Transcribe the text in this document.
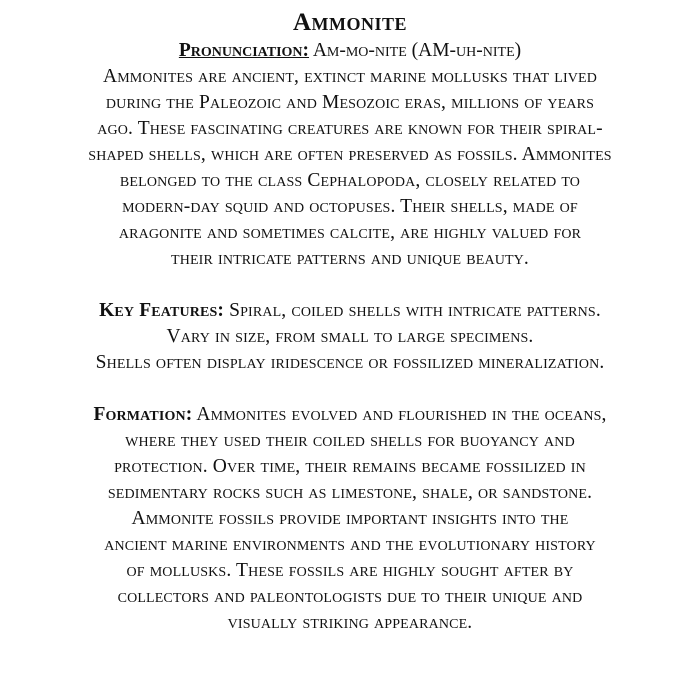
Ammonite

Pronunciation: Am-mo-nite (AM-uh-nite)

Ammonites are ancient, extinct marine mollusks that lived
during the Paleozoic and Mesozoic eras, millions of years
ago. These fascinating creatures are known for their spiral-
shaped shells, which are often preserved as fossils. Ammonites
belonged to the class Cephalopoda, closely related to
modern-day squid and octopuses. Their shells, made of
aragonite and sometimes calcite, are highly valued for
their intricate patterns and unique beauty.
Key Features: Spiral, coiled shells with intricate patterns.
Vary in size, from small to large specimens.
Shells often display iridescence or fossilized mineralization.
Formation: Ammonites evolved and flourished in the oceans,
where they used their coiled shells for buoyancy and
protection. Over time, their remains became fossilized in
sedimentary rocks such as limestone, shale, or sandstone.
Ammonite fossils provide important insights into the
ancient marine environments and the evolutionary history
of mollusks. These fossils are highly sought after by
collectors and paleontologists due to their unique and
visually striking appearance.
